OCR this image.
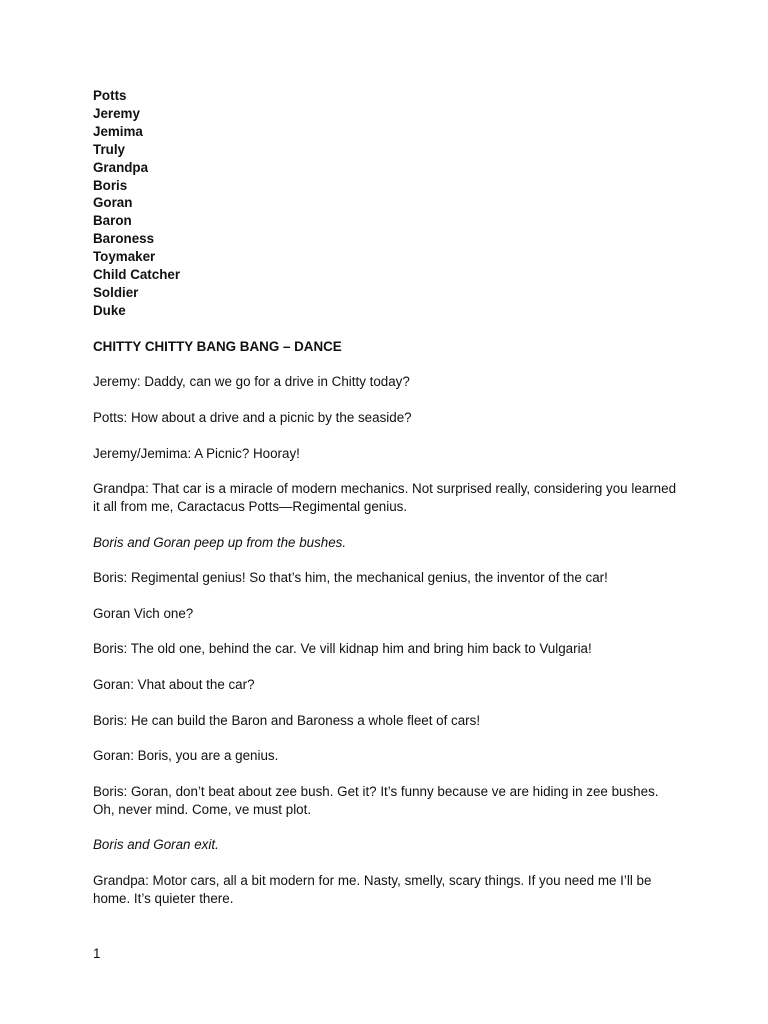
Potts
Jeremy
Jemima
Truly
Grandpa
Boris
Goran
Baron
Baroness
Toymaker
Child Catcher
Soldier
Duke

CHITTY CHITTY BANG BANG – DANCE

Jeremy: Daddy, can we go for a drive in Chitty today?

Potts: How about a drive and a picnic by the seaside?

Jeremy/Jemima: A Picnic? Hooray!

Grandpa: That car is a miracle of modern mechanics. Not surprised really, considering you learned it all from me, Caractacus Potts—Regimental genius.

Boris and Goran peep up from the bushes.

Boris: Regimental genius! So that’s him, the mechanical genius, the inventor of the car!

Goran Vich one?

Boris: The old one, behind the car. Ve vill kidnap him and bring him back to Vulgaria!

Goran: Vhat about the car?

Boris: He can build the Baron and Baroness a whole fleet of cars!

Goran: Boris, you are a genius.

Boris: Goran, don’t beat about zee bush. Get it? It’s funny because ve are hiding in zee bushes. Oh, never mind. Come, ve must plot.

Boris and Goran exit.

Grandpa: Motor cars, all a bit modern for me. Nasty, smelly, scary things. If you need me I’ll be home. It’s quieter there.

1
